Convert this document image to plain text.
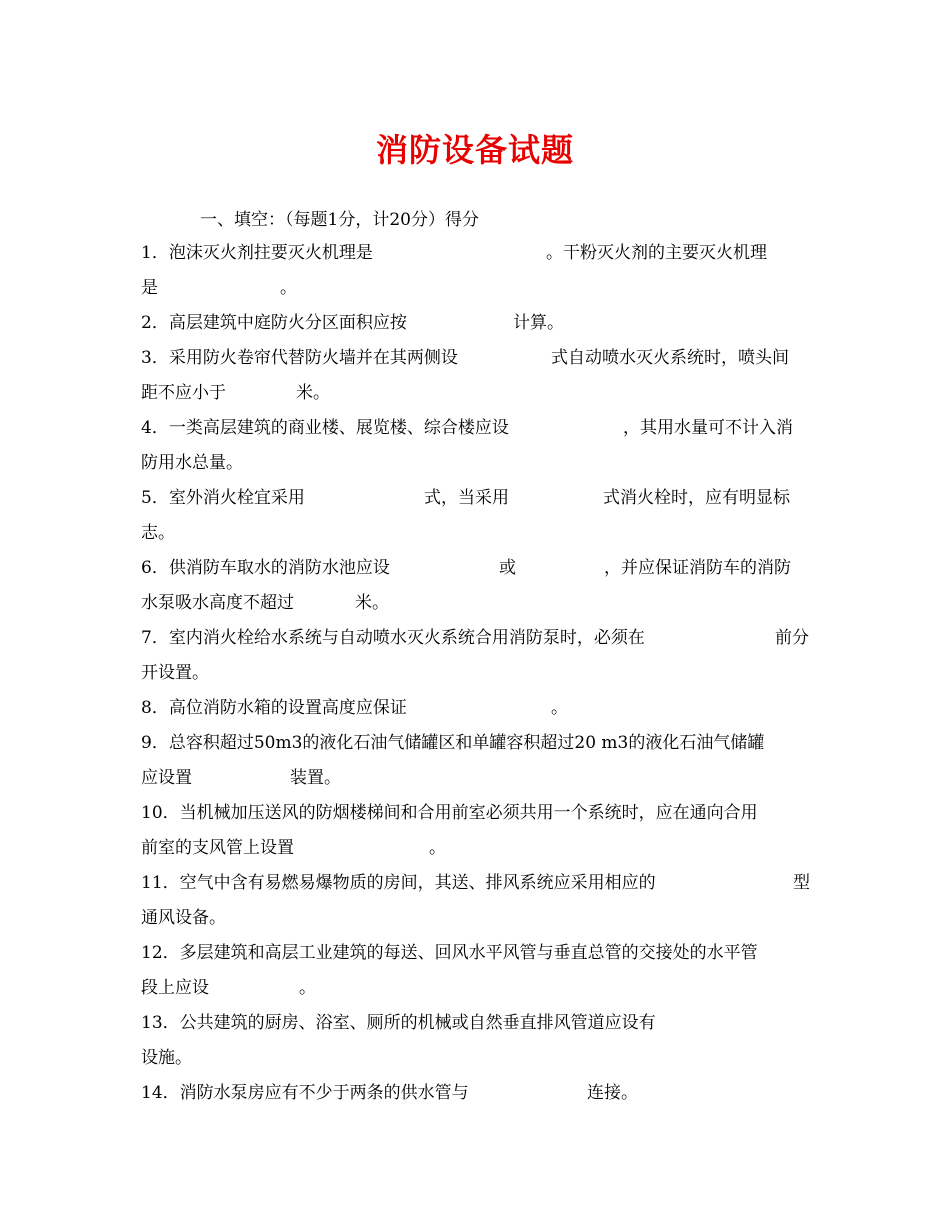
消防设备试题
一、填空：（每题1分，计20分）得分
1．泡沫灭火剂拄要灭火机理是	。干粉灭火剂的主要灭火机理
是	。
2．高层建筑中庭防火分区面积应按	计算。
3．采用防火卷帘代替防火墙并在其两侧设	式自动喷水灭火系统时，喷头间
距不应小于	米。
4．一类高层建筑的商业楼、展览楼、综合楼应设	，其用水量可不计入消
防用水总量。
5．室外消火栓宜采用	式，当采用	式消火栓时，应有明显标
志。
6．供消防车取水的消防水池应设	或	，并应保证消防车的消防
水泵吸水高度不超过	米。
7．室内消火栓给水系统与自动喷水灭火系统合用消防泵时，必须在	前分
开设置。
8．高位消防水箱的设置高度应保证	。
9．总容积超过50m3的液化石油气储罐区和单罐容积超过20 m3的液化石油气储罐
应设置	装置。
10．当机械加压送风的防烟楼梯间和合用前室必须共用一个系统时，应在通向合用
前室的支风管上设置	。
11．空气中含有易燃易爆物质的房间，其送、排风系统应采用相应的	型
通风设备。
12．多层建筑和高层工业建筑的每送、回风水平风管与垂直总管的交接处的水平管
段上应设	。
13．公共建筑的厨房、浴室、厕所的机械或自然垂直排风管道应设有
设施。
14．消防水泵房应有不少于两条的供水管与	连接。
